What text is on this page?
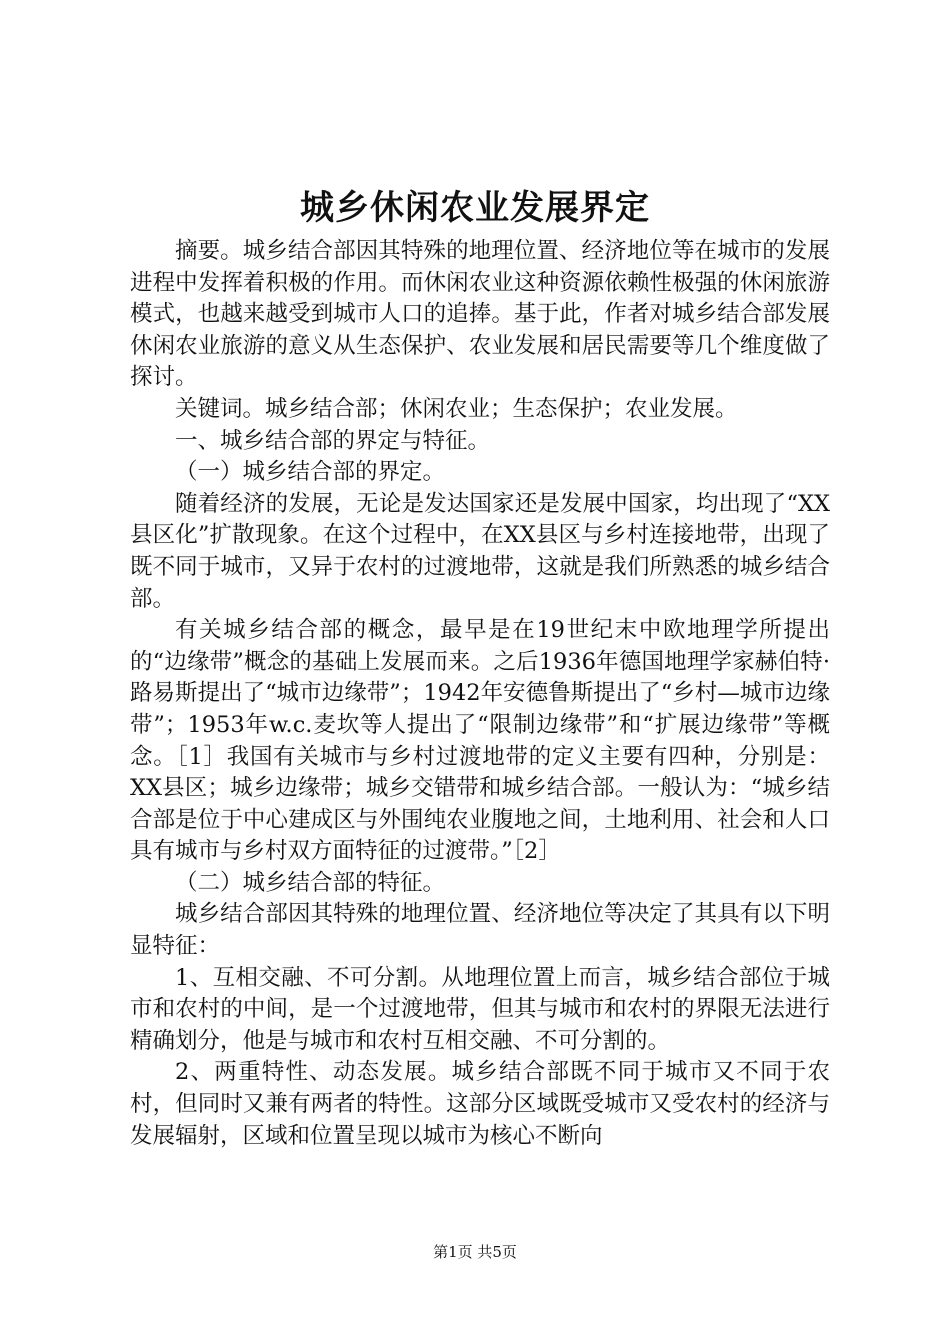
城乡休闲农业发展界定

摘要。城乡结合部因其特殊的地理位置、经济地位等在城市的发展进程中发挥着积极的作用。而休闲农业这种资源依赖性极强的休闲旅游模式，也越来越受到城市人口的追捧。基于此，作者对城乡结合部发展休闲农业旅游的意义从生态保护、农业发展和居民需要等几个维度做了探讨。

关键词。城乡结合部；休闲农业；生态保护；农业发展。

一、城乡结合部的界定与特征。

（一）城乡结合部的界定。

随着经济的发展，无论是发达国家还是发展中国家，均出现了“XX县区化”扩散现象。在这个过程中，在XX县区与乡村连接地带，出现了既不同于城市，又异于农村的过渡地带，这就是我们所熟悉的城乡结合部。

有关城乡结合部的概念，最早是在19世纪末中欧地理学所提出的“边缘带”概念的基础上发展而来。之后1936年德国地理学家赫伯特·路易斯提出了“城市边缘带”；1942年安德鲁斯提出了“乡村—城市边缘带”；1953年w.c.麦坎等人提出了“限制边缘带”和“扩展边缘带”等概念。［1］我国有关城市与乡村过渡地带的定义主要有四种，分别是：XX县区；城乡边缘带；城乡交错带和城乡结合部。一般认为：“城乡结合部是位于中心建成区与外围纯农业腹地之间，土地利用、社会和人口具有城市与乡村双方面特征的过渡带。”［2］

（二）城乡结合部的特征。

城乡结合部因其特殊的地理位置、经济地位等决定了其具有以下明显特征：

1、互相交融、不可分割。从地理位置上而言，城乡结合部位于城市和农村的中间，是一个过渡地带，但其与城市和农村的界限无法进行精确划分，他是与城市和农村互相交融、不可分割的。

2、两重特性、动态发展。城乡结合部既不同于城市又不同于农村，但同时又兼有两者的特性。这部分区域既受城市又受农村的经济与发展辐射，区域和位置呈现以城市为核心不断向

第1页 共5页
